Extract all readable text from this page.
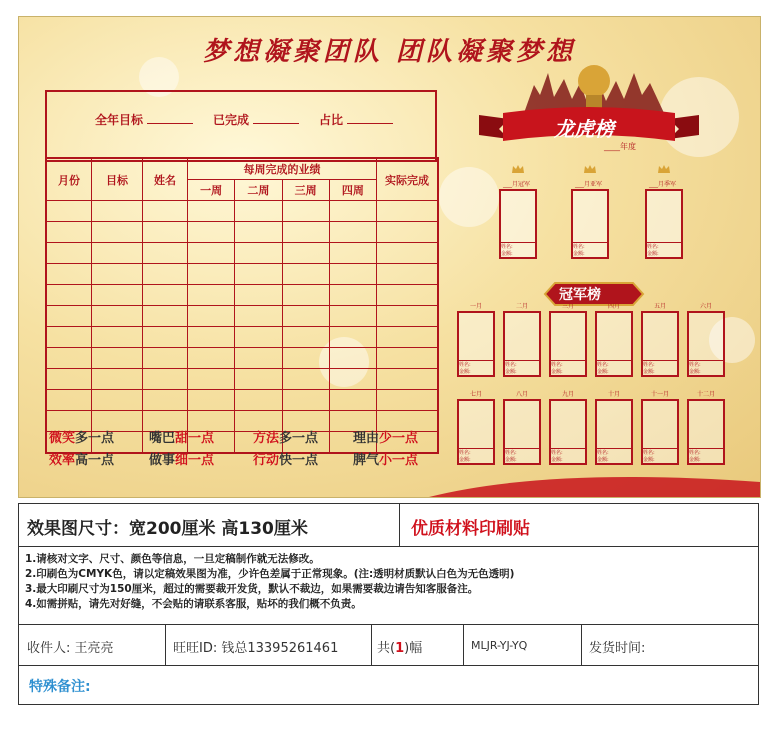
梦想凝聚团队 团队凝聚梦想
全年目标	已完成	占比
月份	目标	姓名	每周完成的业绩				实际完成
			一周	二周	三周	四周	

微笑多一点	嘴巴甜一点	方法多一点	理由少一点
效率高一点	做事细一点	行动快一点	脾气小一点
龙虎榜
____年度
___月冠军
姓名:
金额:
___月亚军
姓名:
金额:
___月季军
姓名:
金额:
冠军榜
一月
姓名:
金额:
二月
姓名:
金额:
三月
姓名:
金额:
四月
姓名:
金额:
五月
姓名:
金额:
六月
姓名:
金额:
七月
姓名:
金额:
八月
姓名:
金额:
九月
姓名:
金额:
十月
姓名:
金额:
十一月
姓名:
金额:
十二月
姓名:
金额:
效果图尺寸：宽200厘米 高130厘米	优质材料印刷贴
1.请核对文字、尺寸、颜色等信息，一旦定稿制作就无法修改。
2.印刷色为CMYK色，请以定稿效果图为准，少许色差属于正常现象。(注:透明材质默认白色为无色透明)
3.最大印刷尺寸为150厘米，超过的需要裁开发货，默认不裁边，如果需要裁边请告知客服备注。
4.如需拼贴，请先对好缝，不会贴的请联系客服，贴坏的我们概不负责。
收件人: 王亮亮	旺旺ID: 钱总13395261461	共(1)幅	MLJR-YJ-YQ	发货时间:
特殊备注:
